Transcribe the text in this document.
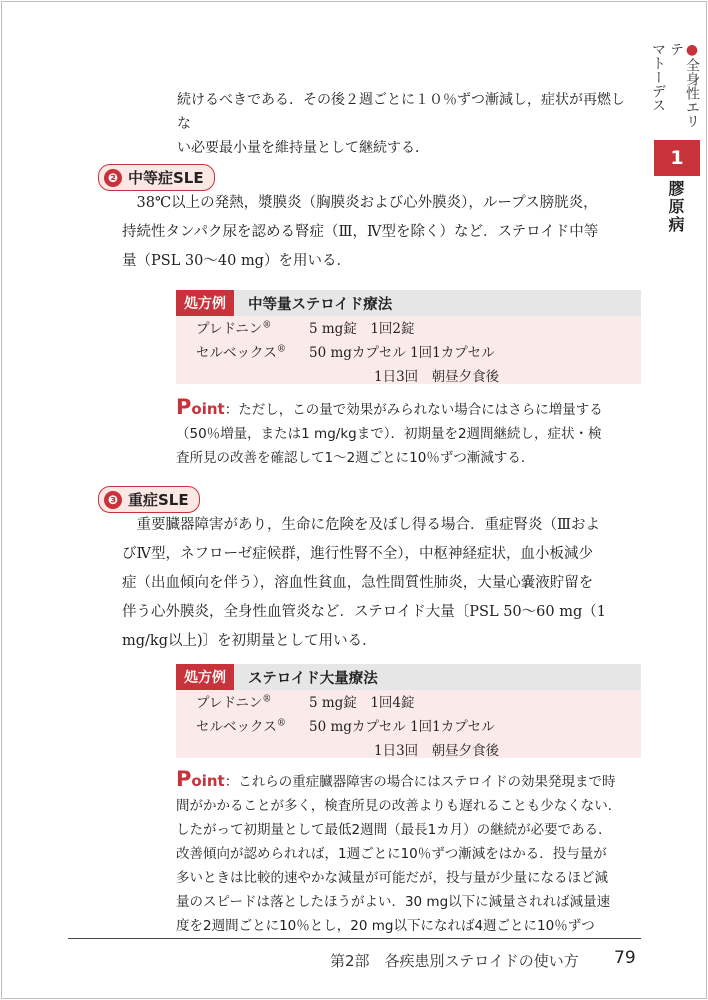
●全身性エリテ
マトーデス
1
膠原病
続けるべきである．その後２週ごとに１０％ずつ漸減し，症状が再燃しな
い必要最小量を維持量として継続する．
❷ 中等症SLE
38℃以上の発熱，漿膜炎（胸膜炎および心外膜炎），ループス膀胱炎，
持続性タンパク尿を認める腎症（Ⅲ，Ⅳ型を除く）など．ステロイド中等
量（PSL 30〜40 mg）を用いる．
処方例	中等量ステロイド療法
プレドニン®	5 mg錠　1回2錠
セルベックス® 50 mgカプセル 1回1カプセル
1日3回　朝昼夕食後
Point：ただし，この量で効果がみられない場合にはさらに増量する
（50％増量，または1 mg/kgまで）．初期量を2週間継続し，症状・検
査所見の改善を確認して1〜2週ごとに10％ずつ漸減する．
❸ 重症SLE
重要臓器障害があり，生命に危険を及ぼし得る場合．重症腎炎（Ⅲおよ
びⅣ型，ネフローゼ症候群，進行性腎不全），中枢神経症状，血小板減少
症（出血傾向を伴う），溶血性貧血，急性間質性肺炎，大量心嚢液貯留を
伴う心外膜炎，全身性血管炎など．ステロイド大量〔PSL 50〜60 mg（1
mg/kg以上)〕を初期量として用いる．
処方例	ステロイド大量療法
プレドニン®	5 mg錠　1回4錠
セルベックス® 50 mgカプセル 1回1カプセル
1日3回　朝昼夕食後
Point：これらの重症臓器障害の場合にはステロイドの効果発現まで時
間がかかることが多く，検査所見の改善よりも遅れることも少なくない．
したがって初期量として最低2週間（最長1カ月）の継続が必要である．
改善傾向が認められれば，1週ごとに10％ずつ漸減をはかる．投与量が
多いときは比較的速やかな減量が可能だが，投与量が少量になるほど減
量のスピードは落としたほうがよい．30 mg以下に減量されれば減量速
度を2週間ごとに10％とし，20 mg以下になれば4週ごとに10％ずつ
第2部　各疾患別ステロイドの使い方 79
